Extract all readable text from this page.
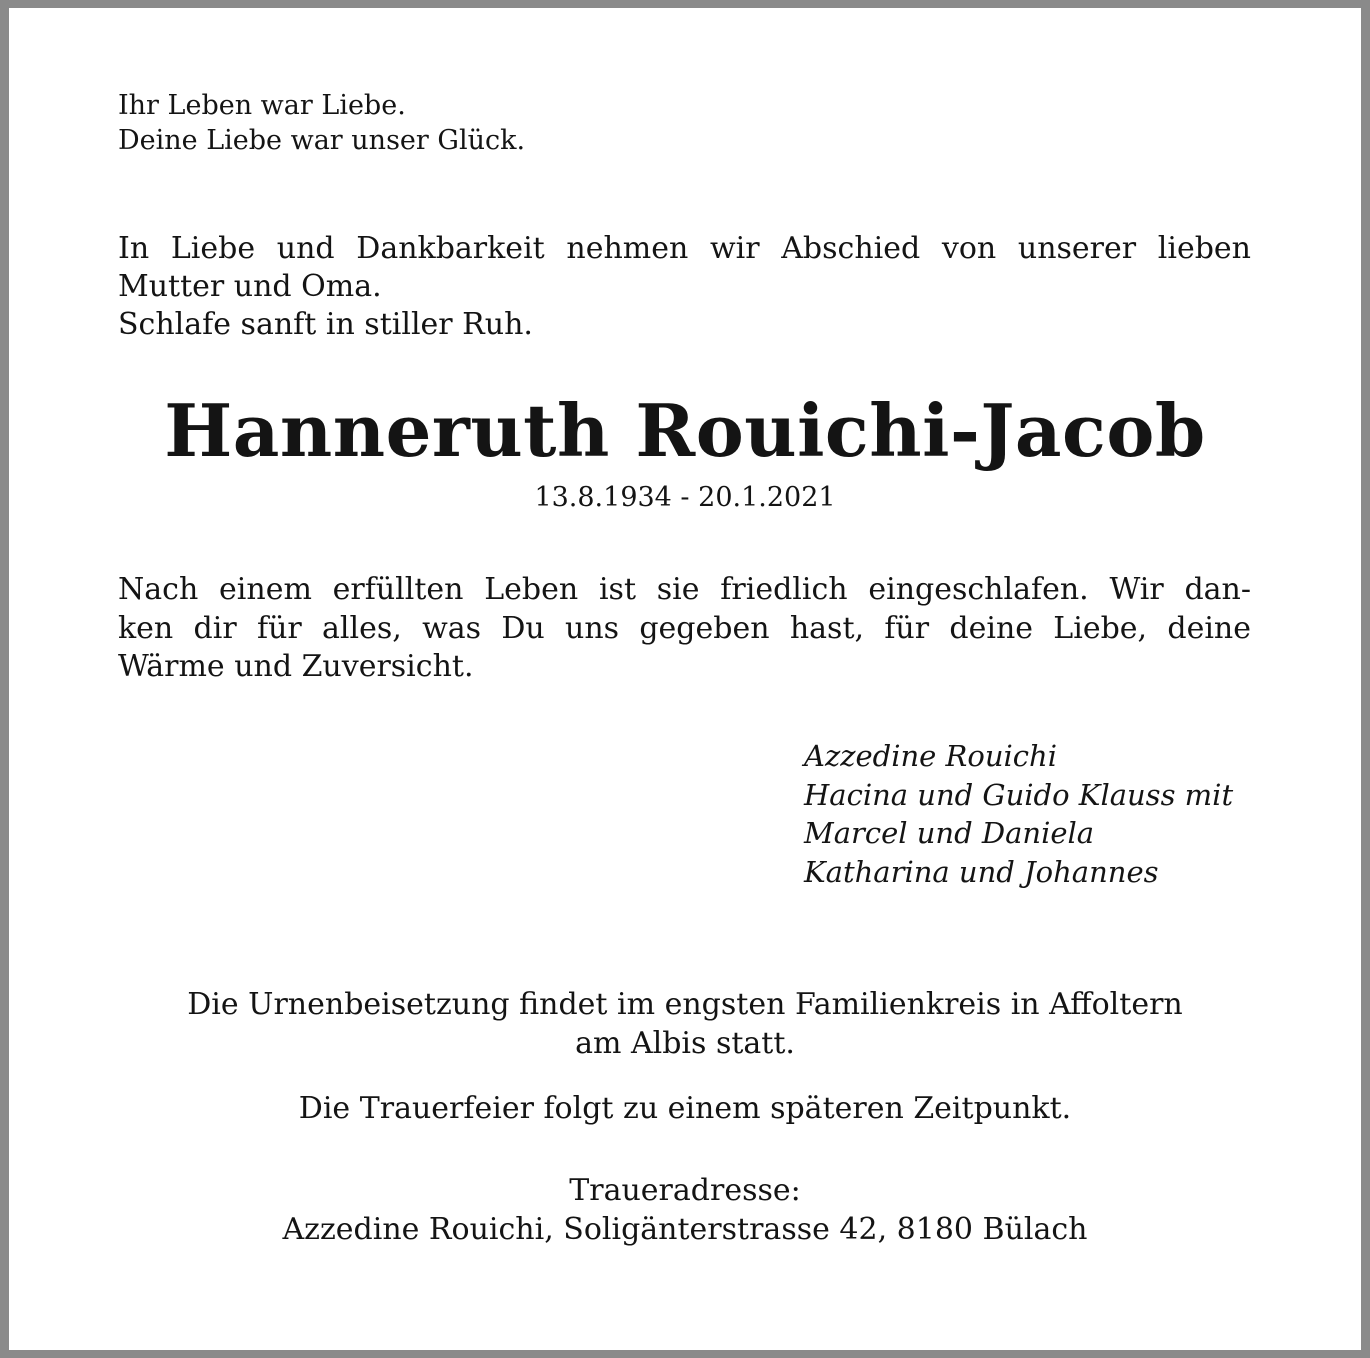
Ihr Leben war Liebe.
Deine Liebe war unser Glück.

In Liebe und Dankbarkeit nehmen wir Abschied von unserer lieben
Mutter und Oma.
Schlafe sanft in stiller Ruh.

Hanneruth Rouichi-Jacob

13.8.1934 - 20.1.2021

Nach einem erfüllten Leben ist sie friedlich eingeschlafen. Wir dan-
ken dir für alles, was Du uns gegeben hast, für deine Liebe, deine
Wärme und Zuversicht.

Azzedine Rouichi
Hacina und Guido Klauss mit
Marcel und Daniela
Katharina und Johannes

Die Urnenbeisetzung findet im engsten Familienkreis in Affoltern
am Albis statt.

Die Trauerfeier folgt zu einem späteren Zeitpunkt.

Traueradresse:
Azzedine Rouichi, Soligänterstrasse 42, 8180 Bülach
